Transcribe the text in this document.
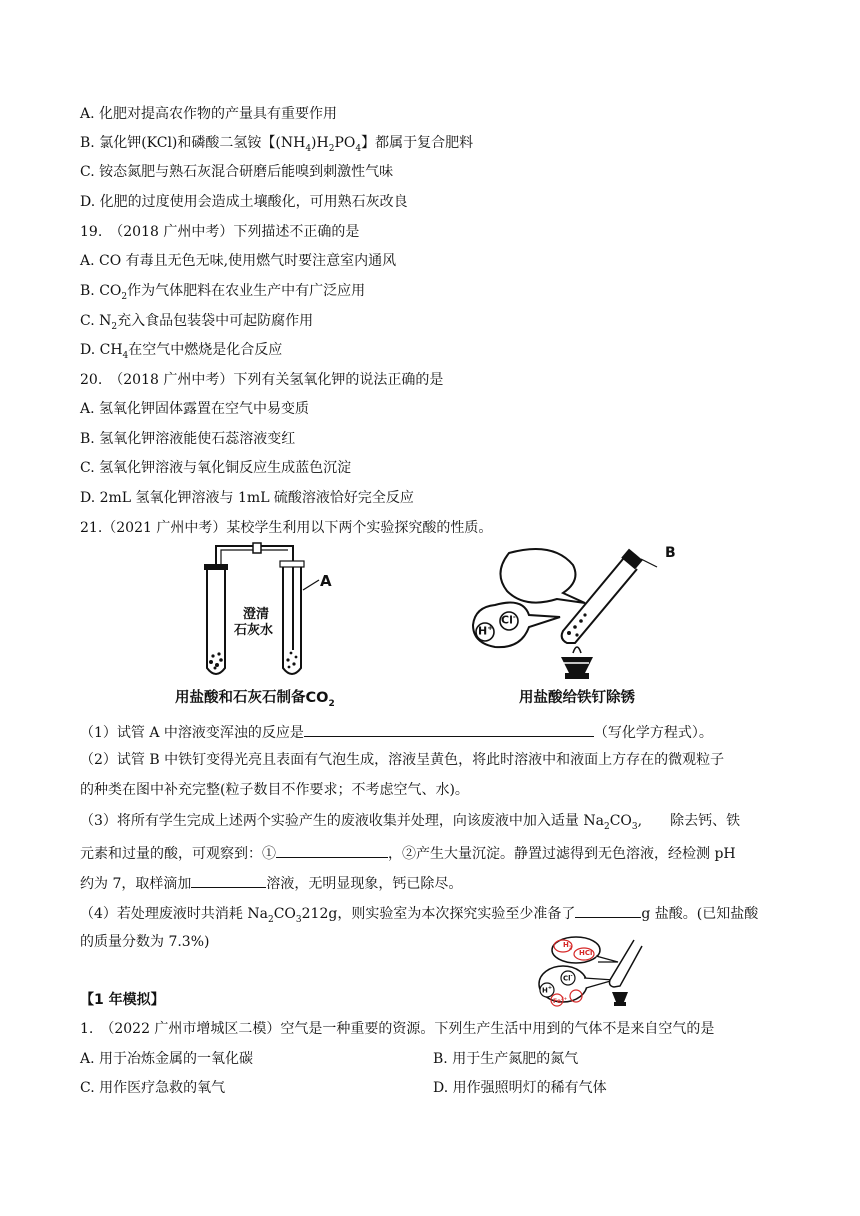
A. 化肥对提高农作物的产量具有重要作用
B. 氯化钾(KCl)和磷酸二氢铵【$(NH_4)H_2PO_4$】都属于复合肥料
C. 铵态氮肥与熟石灰混合研磨后能嗅到刺激性气味
D. 化肥的过度使用会造成土壤酸化，可用熟石灰改良
19.　（2018 广州中考）下列描述不正确的是
A. CO 有毒且无色无味,使用燃气时要注意室内通风
B. $CO_2$作为气体肥料在农业生产中有广泛应用
C. $N_2$充入食品包装袋中可起防腐作用
D. $CH_4$在空气中燃烧是化合反应
20.　（2018 广州中考）下列有关氢氧化钾的说法正确的是
A. 氢氧化钾固体露置在空气中易变质
B. 氢氧化钾溶液能使石蕊溶液变红
C. 氢氧化钾溶液与氧化铜反应生成蓝色沉淀
D. 2mL 氢氧化钾溶液与 1mL 硫酸溶液恰好完全反应
21.（2021 广州中考）某校学生利用以下两个实验探究酸的性质。
A
澄清
石灰水
用盐酸和石灰石制备$CO_2$
B
H+
Cl-
用盐酸给铁钉除锈
（1）试管 A 中溶液变浑浊的反应是	（写化学方程式）。
（2）试管 B 中铁钉变得光亮且表面有气泡生成，溶液呈黄色，将此时溶液中和液面上方存在的微观粒子
的种类在图中补充完整(粒子数目不作要求；不考虑空气、水)。
（3）将所有学生完成上述两个实验产生的废液收集并处理，向该废液中加入适量 $Na_2CO_3$,　　除去钙、铁
元素和过量的酸，可观察到：①	，②产生大量沉淀。静置过滤得到无色溶液，经检测 pH
约为 7，取样滴加	溶液，无明显现象，钙已除尽。
（4）若处理废液时共消耗 $Na_2CO_3212g$，则实验室为本次探究实验至少准备了	g 盐酸。(已知盐酸
的质量分数为 7.3%)	$H_2$
HCl
H+
Cl-
$Fe^{3+}$
【1 年模拟】
1.　（2022 广州市增城区二模）空气是一种重要的资源。下列生产生活中用到的气体不是来自空气的是
A. 用于冶炼金属的一氧化碳	B. 用于生产氮肥的氮气
C. 用作医疗急救的氧气	D. 用作强照明灯的稀有气体
